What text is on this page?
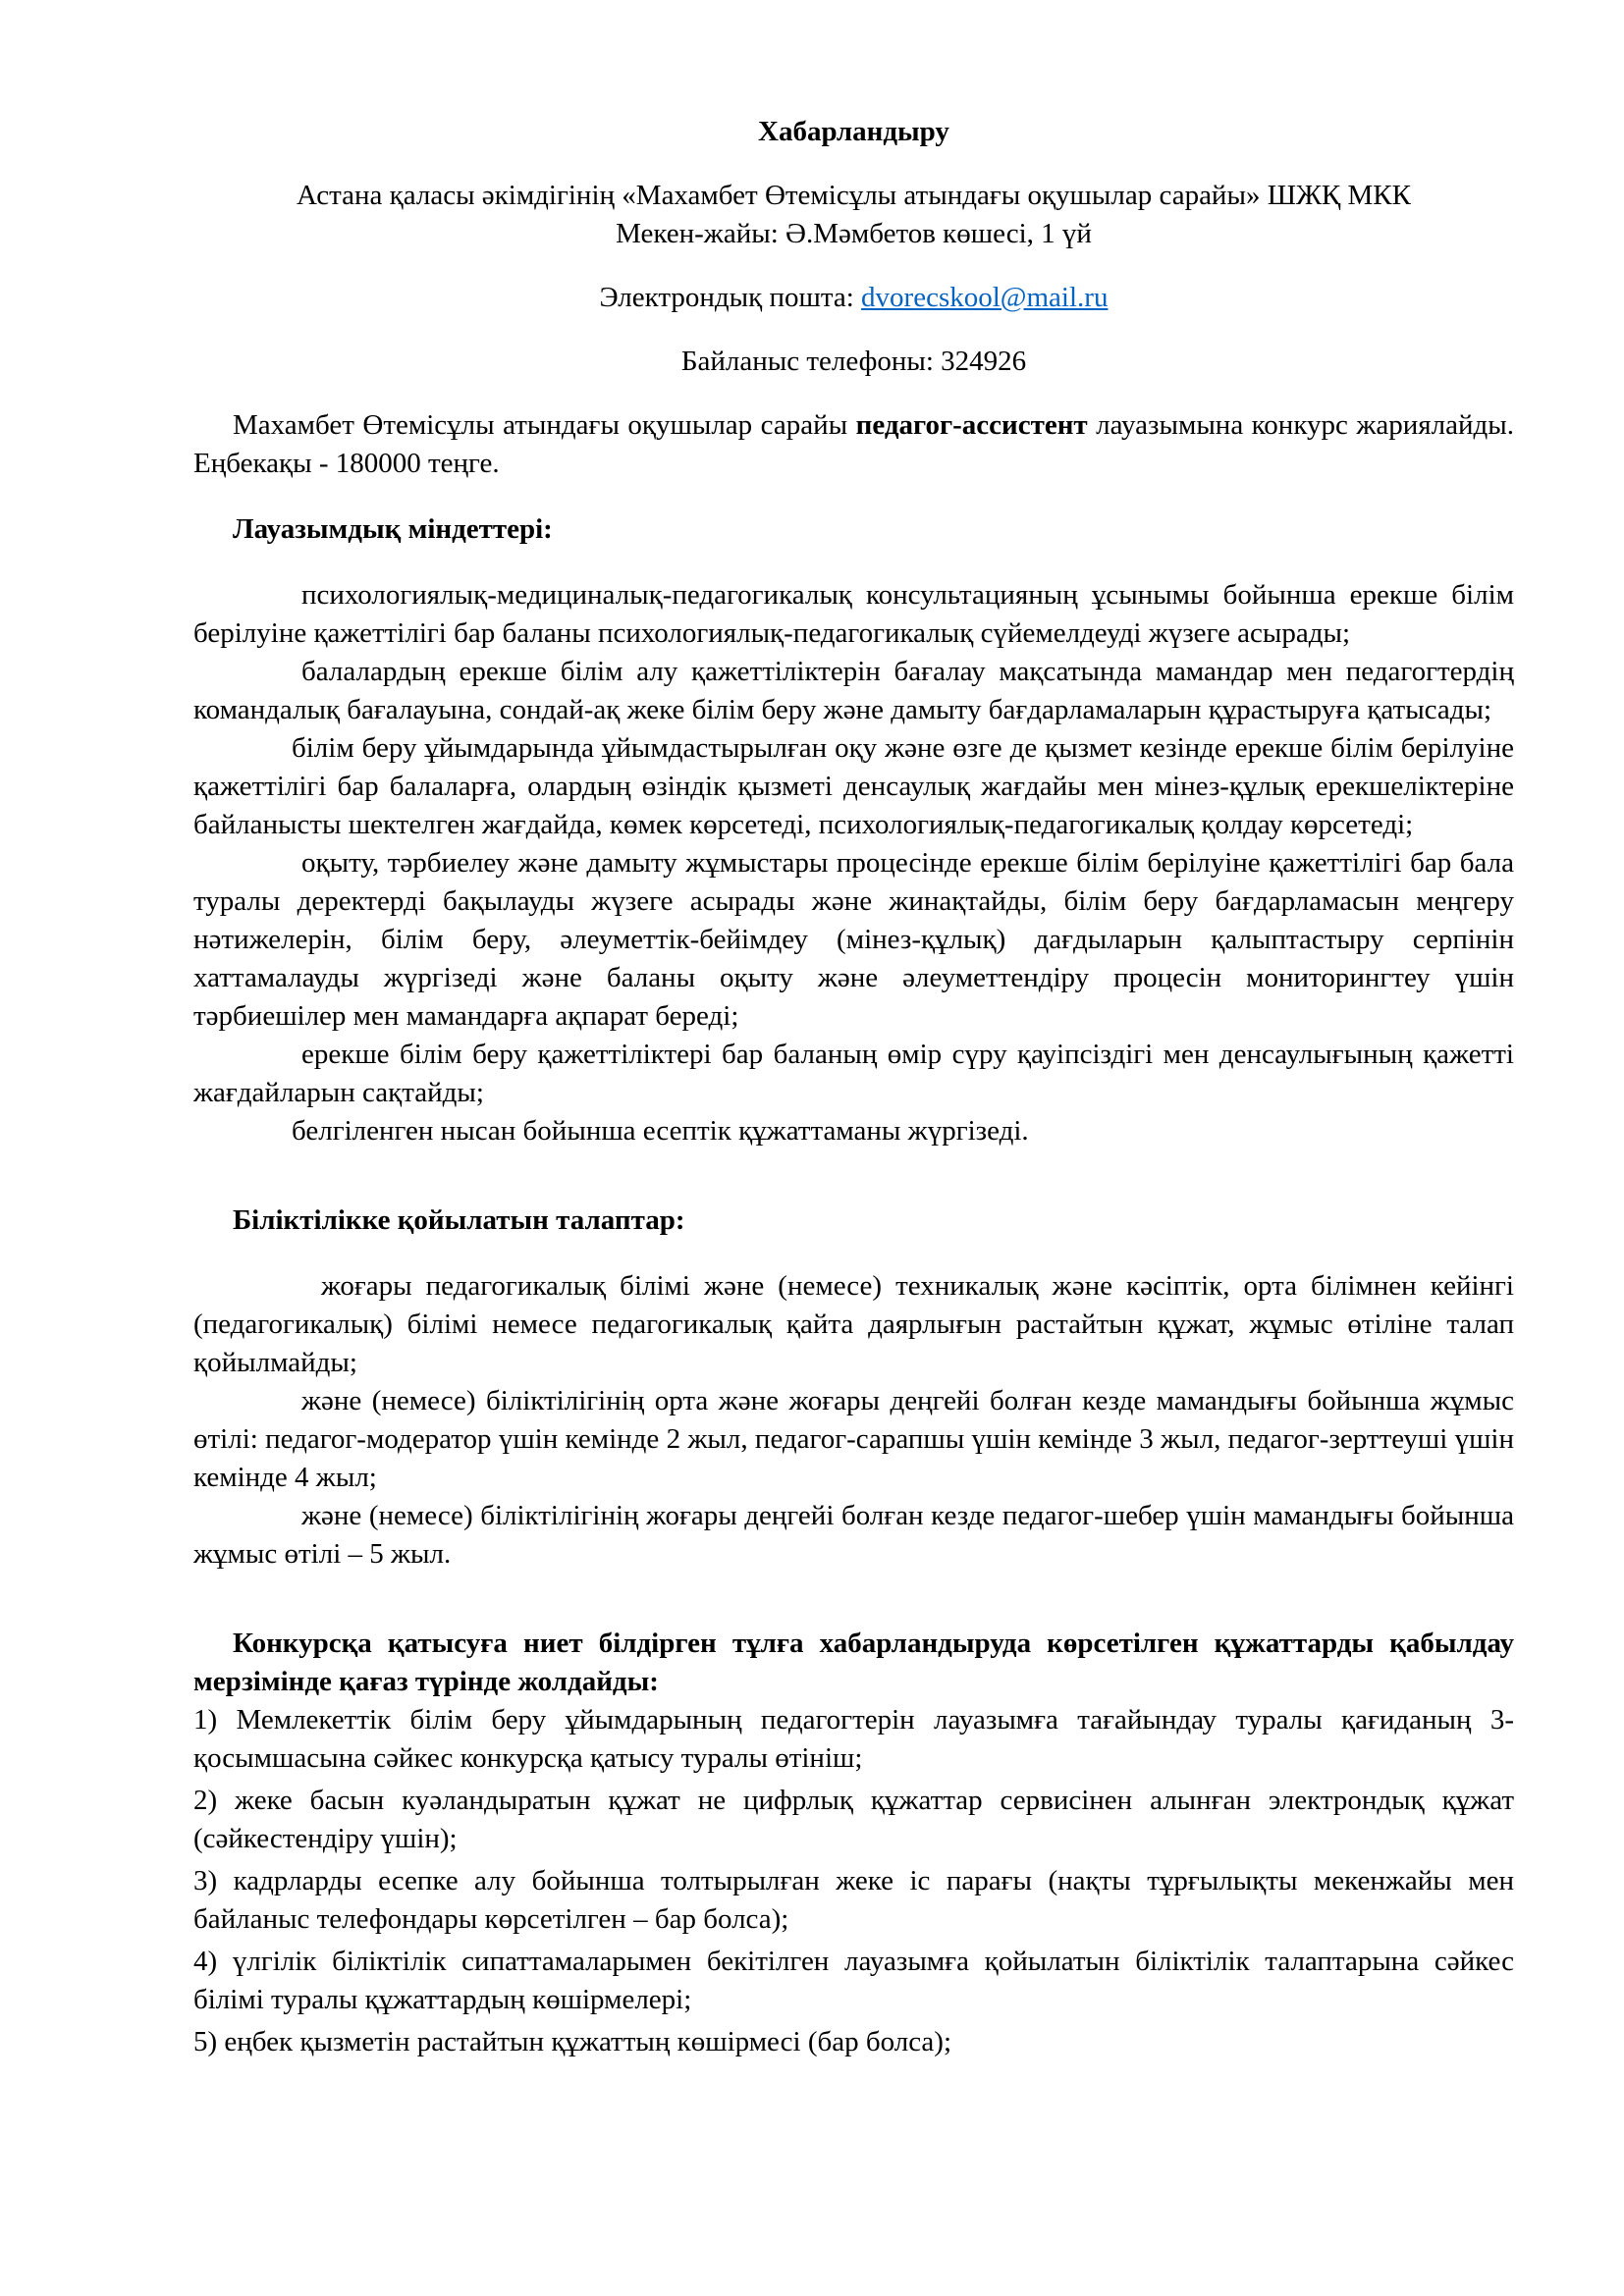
Хабарландыру

Астана қаласы әкімдігінің «Махамбет Өтемісұлы атындағы оқушылар сарайы» ШЖҚ МКК

Мекен-жайы: Ә.Мәмбетов көшесі, 1 үй

Электрондық пошта: dvorecskool@mail.ru

Байланыс телефоны: 324926

Махамбет Өтемісұлы атындағы оқушылар сарайы педагог-ассистент лауазымына конкурс жариялайды. Еңбекақы - 180000 теңге.

Лауазымдық міндеттері:

психологиялық-медициналық-педагогикалық консультацияның ұсынымы бойынша ерекше білім берілуіне қажеттілігі бар баланы психологиялық-педагогикалық сүйемелдеуді жүзеге асырады;

балалардың ерекше білім алу қажеттіліктерін бағалау мақсатында мамандар мен педагогтердің командалық бағалауына, сондай-ақ жеке білім беру және дамыту бағдарламаларын құрастыруға қатысады;

білім беру ұйымдарында ұйымдастырылған оқу және өзге де қызмет кезінде ерекше білім берілуіне қажеттілігі бар балаларға, олардың өзіндік қызметі денсаулық жағдайы мен мінез-құлық ерекшеліктеріне байланысты шектелген жағдайда, көмек көрсетеді, психологиялық-педагогикалық қолдау көрсетеді;

оқыту, тәрбиелеу және дамыту жұмыстары процесінде ерекше білім берілуіне қажеттілігі бар бала туралы деректерді бақылауды жүзеге асырады және жинақтайды, білім беру бағдарламасын меңгеру нәтижелерін, білім беру, әлеуметтік-бейімдеу (мінез-құлық) дағдыларын қалыптастыру серпінін хаттамалауды жүргізеді және баланы оқыту және әлеуметтендіру процесін мониторингтеу үшін тәрбиешілер мен мамандарға ақпарат береді;

ерекше білім беру қажеттіліктері бар баланың өмір сүру қауіпсіздігі мен денсаулығының қажетті жағдайларын сақтайды;

белгіленген нысан бойынша есептік құжаттаманы жүргізеді.

Біліктілікке қойылатын талаптар:

жоғары педагогикалық білімі және (немесе) техникалық және кәсіптік, орта білімнен кейінгі (педагогикалық) білімі немесе педагогикалық қайта даярлығын растайтын құжат, жұмыс өтіліне талап қойылмайды;

және (немесе) біліктілігінің орта және жоғары деңгейі болған кезде мамандығы бойынша жұмыс өтілі: педагог-модератор үшін кемінде 2 жыл, педагог-сарапшы үшін кемінде 3 жыл, педагог-зерттеуші үшін кемінде 4 жыл;

және (немесе) біліктілігінің жоғары деңгейі болған кезде педагог-шебер үшін мамандығы бойынша жұмыс өтілі – 5 жыл.

Конкурсқа қатысуға ниет білдірген тұлға хабарландыруда көрсетілген құжаттарды қабылдау мерзімінде қағаз түрінде жолдайды:

1) Мемлекеттік білім беру ұйымдарының педагогтерін лауазымға тағайындау туралы қағиданың 3- қосымшасына сәйкес конкурсқа қатысу туралы өтініш;

2) жеке басын куәландыратын құжат не цифрлық құжаттар сервисінен алынған электрондық құжат (сәйкестендіру үшін);

3) кадрларды есепке алу бойынша толтырылған жеке іс парағы (нақты тұрғылықты мекенжайы мен байланыс телефондары көрсетілген – бар болса);

4) үлгілік біліктілік сипаттамаларымен бекітілген лауазымға қойылатын біліктілік талаптарына сәйкес білімі туралы құжаттардың көшірмелері;

5) еңбек қызметін растайтын құжаттың көшірмесі (бар болса);
